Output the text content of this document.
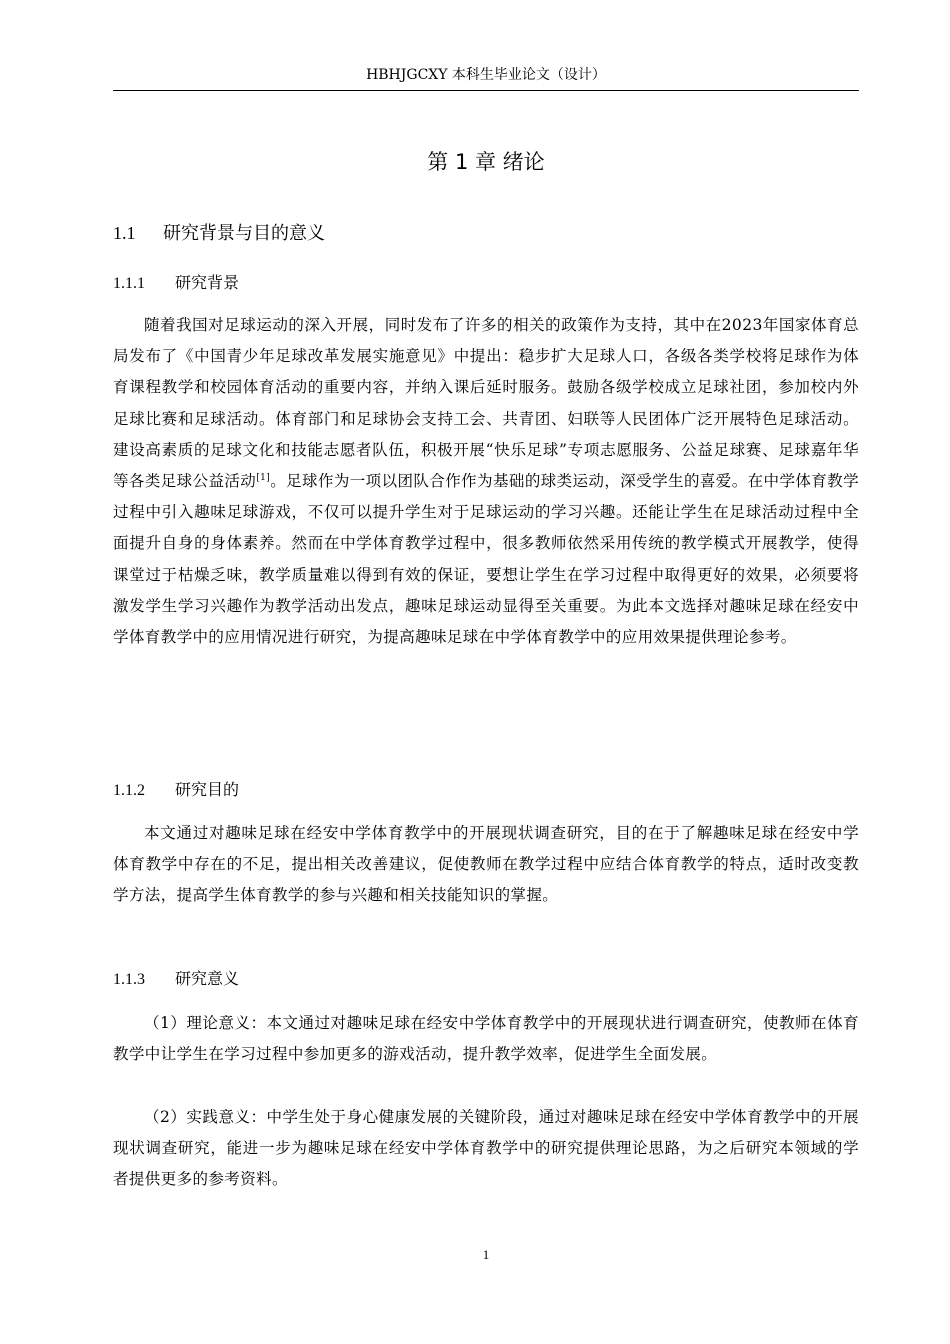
HBHJGCXY 本科生毕业论文（设计）
第 1 章 绪论
1.1 研究背景与目的意义
1.1.1 研究背景

随着我国对足球运动的深入开展，同时发布了许多的相关的政策作为支持，其中在2023年国家体育总局发布了《中国青少年足球改革发展实施意见》中提出：稳步扩大足球人口，各级各类学校将足球作为体育课程教学和校园体育活动的重要内容，并纳入课后延时服务。鼓励各级学校成立足球社团，参加校内外足球比赛和足球活动。体育部门和足球协会支持工会、共青团、妇联等人民团体广泛开展特色足球活动。建设高素质的足球文化和技能志愿者队伍，积极开展“快乐足球”专项志愿服务、公益足球赛、足球嘉年华等各类足球公益活动[1]。足球作为一项以团队合作作为基础的球类运动，深受学生的喜爱。在中学体育教学过程中引入趣味足球游戏，不仅可以提升学生对于足球运动的学习兴趣。还能让学生在足球活动过程中全面提升自身的身体素养。然而在中学体育教学过程中，很多教师依然采用传统的教学模式开展教学，使得课堂过于枯燥乏味，教学质量难以得到有效的保证，要想让学生在学习过程中取得更好的效果，必须要将激发学生学习兴趣作为教学活动出发点，趣味足球运动显得至关重要。为此本文选择对趣味足球在经安中学体育教学中的应用情况进行研究，为提高趣味足球在中学体育教学中的应用效果提供理论参考。

1.1.2 研究目的

本文通过对趣味足球在经安中学体育教学中的开展现状调查研究，目的在于了解趣味足球在经安中学体育教学中存在的不足，提出相关改善建议，促使教师在教学过程中应结合体育教学的特点，适时改变教学方法，提高学生体育教学的参与兴趣和相关技能知识的掌握。

1.1.3 研究意义

（1）理论意义：本文通过对趣味足球在经安中学体育教学中的开展现状进行调查研究，使教师在体育教学中让学生在学习过程中参加更多的游戏活动，提升教学效率，促进学生全面发展。

（2）实践意义：中学生处于身心健康发展的关键阶段，通过对趣味足球在经安中学体育教学中的开展现状调查研究，能进一步为趣味足球在经安中学体育教学中的研究提供理论思路，为之后研究本领域的学者提供更多的参考资料。

1
